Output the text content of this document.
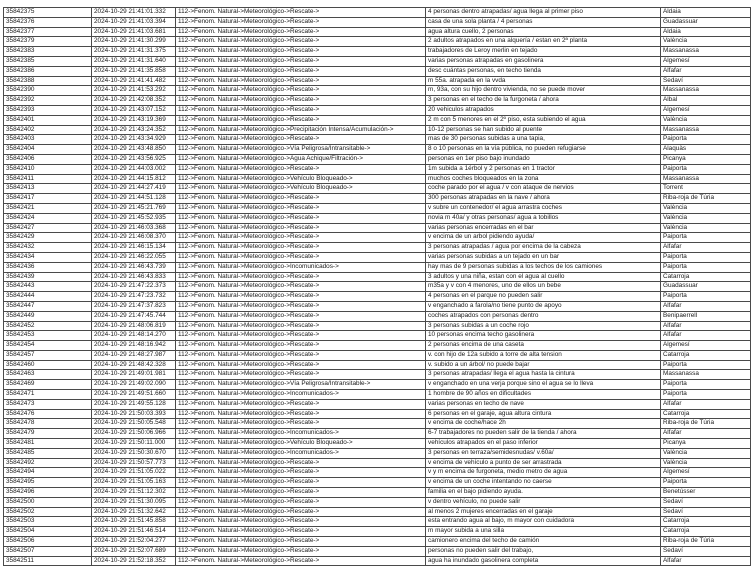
35842375	2024-10-29 21:41:01.332	112->Fenom. Natural->Meteorológico->Rescate->	4 personas dentro atrapadas/ agua llega al primer piso	Aldaia
35842376	2024-10-29 21:41:03.394	112->Fenom. Natural->Meteorológico->Rescate->	casa de una sola planta / 4 personas	Guadassuar
35842377	2024-10-29 21:41:03.681	112->Fenom. Natural->Meteorológico->Rescate->	agua altura cuello, 2 personas	Aldaia
35842379	2024-10-29 21:41:30.299	112->Fenom. Natural->Meteorológico->Rescate->	2 adultos atrapados en una alquería / estan en 2ª planta	València
35842383	2024-10-29 21:41:31.375	112->Fenom. Natural->Meteorológico->Rescate->	trabajadores de Leroy merlin en tejado	Massanassa
35842385	2024-10-29 21:41:31.640	112->Fenom. Natural->Meteorológico->Rescate->	varias personas atrapadas en gasolinera	Algemesí
35842386	2024-10-29 21:41:35.858	112->Fenom. Natural->Meteorológico->Rescate->	desc cuántas personas, en techo tienda	Alfafar
35842388	2024-10-29 21:41:41.482	112->Fenom. Natural->Meteorológico->Rescate->	m 55a. atrapada en la vvda	Sedaví
35842390	2024-10-29 21:41:53.292	112->Fenom. Natural->Meteorológico->Rescate->	m, 93a, con su hijo dentro vivienda, no se puede mover	Massanassa
35842392	2024-10-29 21:42:08.352	112->Fenom. Natural->Meteorológico->Rescate->	3 personas en el techo de la furgoneta / ahora	Albal
35842393	2024-10-29 21:43:07.152	112->Fenom. Natural->Meteorológico->Rescate->	20 vehiculos atrapados	Algemesí
35842401	2024-10-29 21:43:19.369	112->Fenom. Natural->Meteorológico->Rescate->	2 m con 5 menores en el 2º piso, esta subiendo el agua	València
35842402	2024-10-29 21:43:24.352	112->Fenom. Natural->Meteorológico->Precipitación Intensa/Acumulación->	10-12 personas se han subido al puente	Massanassa
35842403	2024-10-29 21:43:34.929	112->Fenom. Natural->Meteorológico->Rescate->	mas de 30 personas subidas a una tapia,	Paiporta
35842404	2024-10-29 21:43:48.850	112->Fenom. Natural->Meteorológico->Vía Peligrosa/Intransitable->	8 o 10 personas en la vía pública, no pueden refugiarse	Alaquàs
35842406	2024-10-29 21:43:56.925	112->Fenom. Natural->Meteorológico->Agua Achique/Filtración->	personas en 1er piso bajo inundado	Picanya
35842410	2024-10-29 21:44:03.002	112->Fenom. Natural->Meteorológico->Rescate->	1m subida a 1érbol y 2 personas en 1 tractor	Paiporta
35842411	2024-10-29 21:44:15.812	112->Fenom. Natural->Meteorológico->Vehículo Bloqueado->	muchos coches bloqueados en la zona	Massanassa
35842413	2024-10-29 21:44:27.419	112->Fenom. Natural->Meteorológico->Vehículo Bloqueado->	coche parado por el agua / v con ataque de nervios	Torrent
35842417	2024-10-29 21:44:51.128	112->Fenom. Natural->Meteorológico->Rescate->	300 personas atrapadas en la nave / ahora	Riba-roja de Túria
35842421	2024-10-29 21:45:21.769	112->Fenom. Natural->Meteorológico->Rescate->	v subre un contenedor/ el agua arrastra coches	València
35842424	2024-10-29 21:45:52.935	112->Fenom. Natural->Meteorológico->Rescate->	novia m 40a/ y otras personas/ agua a tobillos	València
35842427	2024-10-29 21:46:03.368	112->Fenom. Natural->Meteorológico->Rescate->	varias personas encerradas en el bar	València
35842429	2024-10-29 21:46:08.370	112->Fenom. Natural->Meteorológico->Rescate->	v encima de un arbol pidiendo ayuda/	Paiporta
35842432	2024-10-29 21:46:15.134	112->Fenom. Natural->Meteorológico->Rescate->	3 personas atrapadas / agua por encima de la cabeza	Alfafar
35842434	2024-10-29 21:46:22.055	112->Fenom. Natural->Meteorológico->Rescate->	varias personas subidas a un tejado en un bar	Paiporta
35842436	2024-10-29 21:46:43.739	112->Fenom. Natural->Meteorológico->Incomunicados->	hay mas de 9 personas subidas a los techos de los camiones	Paiporta
35842439	2024-10-29 21:46:43.833	112->Fenom. Natural->Meteorológico->Rescate->	3 adultos y una niña, estan con el agua al cuello	Catarroja
35842443	2024-10-29 21:47:22.373	112->Fenom. Natural->Meteorológico->Rescate->	m35a y v con 4 menores, uno de ellos un bebe	Guadassuar
35842444	2024-10-29 21:47:23.732	112->Fenom. Natural->Meteorológico->Rescate->	4 personas en el parque no pueden salir	Paiporta
35842447	2024-10-29 21:47:37.823	112->Fenom. Natural->Meteorológico->Rescate->	v enganchado a farola/no tiene punto de apoyo	Alfafar
35842449	2024-10-29 21:47:45.744	112->Fenom. Natural->Meteorológico->Rescate->	coches atrapados con personas dentro	Benipaerrell
35842452	2024-10-29 21:48:06.819	112->Fenom. Natural->Meteorológico->Rescate->	3 personas subidas a un coche rojo	Alfafar
35842453	2024-10-29 21:48:14.270	112->Fenom. Natural->Meteorológico->Rescate->	10 personas encima techo gasolinera	Alfafar
35842454	2024-10-29 21:48:16.942	112->Fenom. Natural->Meteorológico->Rescate->	2 personas encima de una caseta	Algemesí
35842457	2024-10-29 21:48:27.987	112->Fenom. Natural->Meteorológico->Rescate->	v. con hijo de 12a subido a torre de alta tension	Catarroja
35842460	2024-10-29 21:48:42.328	112->Fenom. Natural->Meteorológico->Rescate->	v. subido a un árbol/ no puede bajar	Paiporta
35842463	2024-10-29 21:49:01.981	112->Fenom. Natural->Meteorológico->Rescate->	3 personas atrapadas/ llega el agua hasta la cintura	Massanassa
35842469	2024-10-29 21:49:02.090	112->Fenom. Natural->Meteorológico->Vía Peligrosa/Intransitable->	v enganchado en una verja porque sino el agua se lo lleva	Paiporta
35842471	2024-10-29 21:49:51.660	112->Fenom. Natural->Meteorológico->Incomunicados->	1 hombre de 90 años en dificultades	Paiporta
35842473	2024-10-29 21:49:55.128	112->Fenom. Natural->Meteorológico->Rescate->	varias personas en techo de nave	Alfafar
35842476	2024-10-29 21:50:03.393	112->Fenom. Natural->Meteorológico->Rescate->	6 personas en el garaje, agua altura cintura	Catarroja
35842478	2024-10-29 21:50:05.548	112->Fenom. Natural->Meteorológico->Rescate->	v encima de coche/hace 2h	Riba-roja de Túria
35842479	2024-10-29 21:50:06.966	112->Fenom. Natural->Meteorológico->Incomunicados->	6-7 trabajadores no pueden salir de la tienda / ahora	Alfafar
35842481	2024-10-29 21:50:11.000	112->Fenom. Natural->Meteorológico->Vehículo Bloqueado->	vehículos atrapados en el paso inferior	Picanya
35842485	2024-10-29 21:50:30.670	112->Fenom. Natural->Meteorológico->Incomunicados->	3 personas en terraza/semidesnudas/ v.60a/	València
35842492	2024-10-29 21:50:57.773	112->Fenom. Natural->Meteorológico->Rescate->	v encima de vehículo a punto de ser arrastrada	València
35842494	2024-10-29 21:51:05.022	112->Fenom. Natural->Meteorológico->Rescate->	v y m encima de furgoneta, medio metro de agua	Algemesí
35842495	2024-10-29 21:51:05.163	112->Fenom. Natural->Meteorológico->Rescate->	v encima de un coche intentando no caerse	Paiporta
35842496	2024-10-29 21:51:12.302	112->Fenom. Natural->Meteorológico->Rescate->	familia en el bajo pidiendo ayuda.	Benetússer
35842500	2024-10-29 21:51:30.095	112->Fenom. Natural->Meteorológico->Rescate->	v dentro vehículo, no puede salir	Sedaví
35842502	2024-10-29 21:51:32.642	112->Fenom. Natural->Meteorológico->Rescate->	al menos 2 mujeres encerradas en el garaje	Sedaví
35842503	2024-10-29 21:51:45.858	112->Fenom. Natural->Meteorológico->Rescate->	esta entrando agua al bajo, m mayor con cuidadora	Catarroja
35842504	2024-10-29 21:51:46.514	112->Fenom. Natural->Meteorológico->Rescate->	m mayor subida a una silla	Catarroja
35842506	2024-10-29 21:52:04.277	112->Fenom. Natural->Meteorológico->Rescate->	camionero encima del techo de camión	Riba-roja de Túria
35842507	2024-10-29 21:52:07.689	112->Fenom. Natural->Meteorológico->Rescate->	personas no pueden salir del trabajo,	Sedaví
35842511	2024-10-29 21:52:18.352	112->Fenom. Natural->Meteorológico->Rescate->	agua ha inundado gasolinera completa	Alfafar
